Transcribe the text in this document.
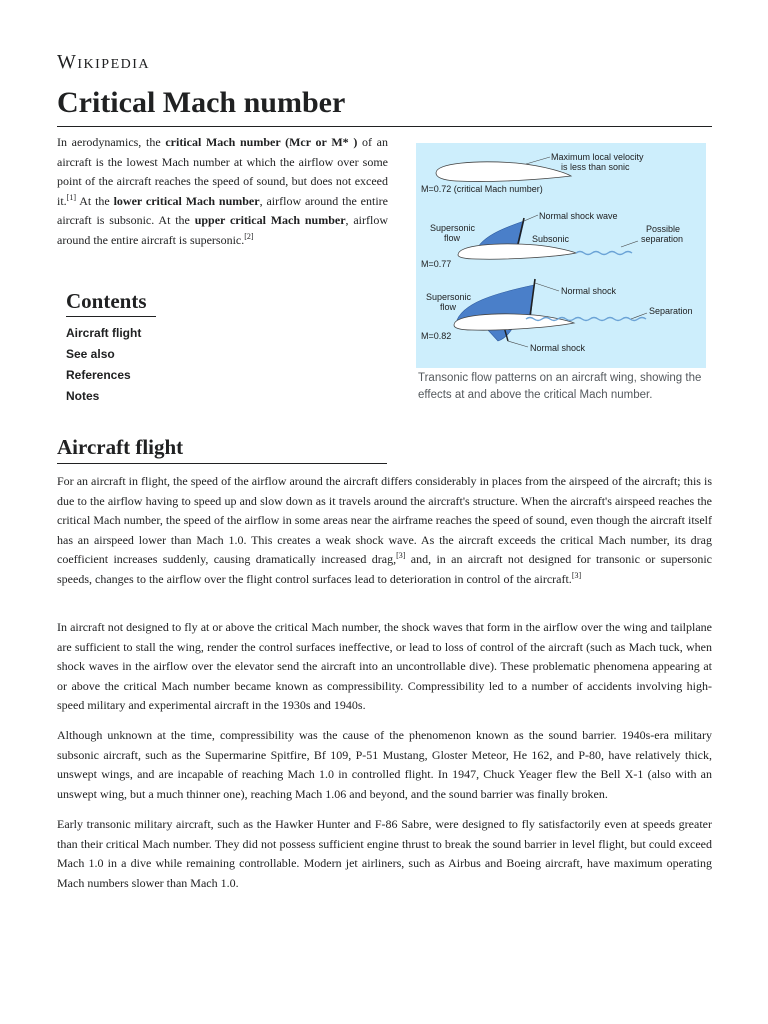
Wikipedia
Critical Mach number

In aerodynamics, the critical Mach number (Mcr or M* ) of an aircraft is the lowest Mach number at which the airflow over some point of the aircraft reaches the speed of sound, but does not exceed it.[1] At the lower critical Mach number, airflow around the entire aircraft is subsonic. At the upper critical Mach number, airflow around the entire aircraft is supersonic.[2]

Contents
Aircraft flight
See also
References
Notes
Maximum local velocity
is less than sonic
M=0.72 (critical Mach number)
Normal shock wave
Supersonic
flow	Subsonic
Possible
separation
M=0.77
Normal shock
Supersonic
flow	Separation
M=0.82
Normal shock

Transonic flow patterns on an aircraft wing, showing the effects at and above the critical Mach number.

Aircraft flight

For an aircraft in flight, the speed of the airflow around the aircraft differs considerably in places from the airspeed of the aircraft; this is due to the airflow having to speed up and slow down as it travels around the aircraft's structure. When the aircraft's airspeed reaches the critical Mach number, the speed of the airflow in some areas near the airframe reaches the speed of sound, even though the aircraft itself has an airspeed lower than Mach 1.0. This creates a weak shock wave. As the aircraft exceeds the critical Mach number, its drag coefficient increases suddenly, causing dramatically increased drag,[3] and, in an aircraft not designed for transonic or supersonic speeds, changes to the airflow over the flight control surfaces lead to deterioration in control of the aircraft.[3]

In aircraft not designed to fly at or above the critical Mach number, the shock waves that form in the airflow over the wing and tailplane are sufficient to stall the wing, render the control surfaces ineffective, or lead to loss of control of the aircraft (such as Mach tuck, when shock waves in the airflow over the elevator send the aircraft into an uncontrollable dive). These problematic phenomena appearing at or above the critical Mach number became known as compressibility. Compressibility led to a number of accidents involving high-speed military and experimental aircraft in the 1930s and 1940s.

Although unknown at the time, compressibility was the cause of the phenomenon known as the sound barrier. 1940s-era military subsonic aircraft, such as the Supermarine Spitfire, Bf 109, P-51 Mustang, Gloster Meteor, He 162, and P-80, have relatively thick, unswept wings, and are incapable of reaching Mach 1.0 in controlled flight. In 1947, Chuck Yeager flew the Bell X-1 (also with an unswept wing, but a much thinner one), reaching Mach 1.06 and beyond, and the sound barrier was finally broken.

Early transonic military aircraft, such as the Hawker Hunter and F-86 Sabre, were designed to fly satisfactorily even at speeds greater than their critical Mach number. They did not possess sufficient engine thrust to break the sound barrier in level flight, but could exceed Mach 1.0 in a dive while remaining controllable. Modern jet airliners, such as Airbus and Boeing aircraft, have maximum operating Mach numbers slower than Mach 1.0.
